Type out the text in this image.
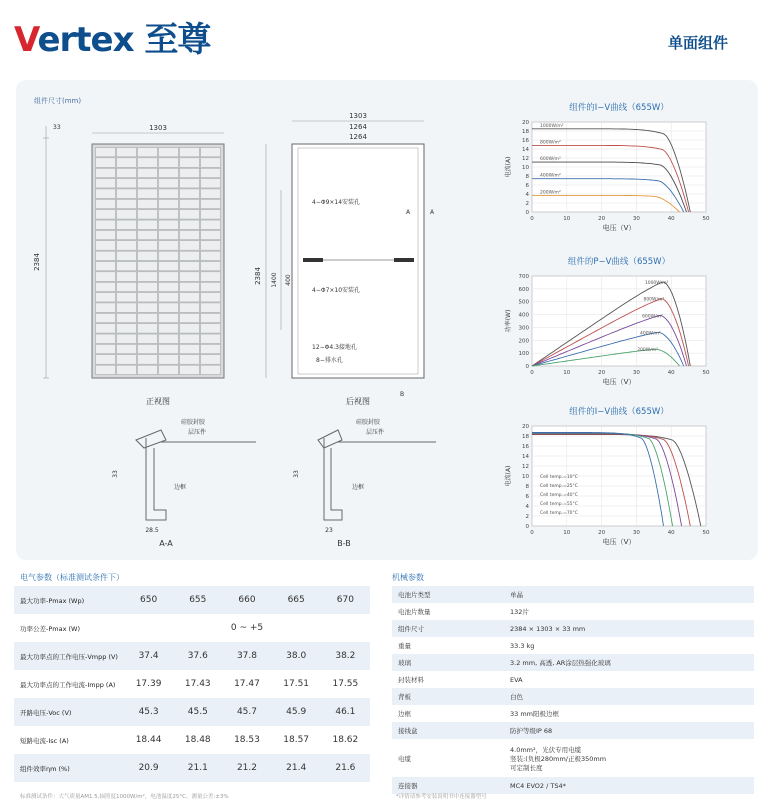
Vertex 至尊	单面组件
组件尺寸(mm)
2384
33	1303
正视图
1303
1264
1264
2384 1400 400
4−Φ9×14安装孔
4−Φ7×10安装孔
12−Φ4.3接地孔
8−排水孔
A	A
B
后视图
硅胶封胶
层压件
边框
33
28.5
A-A
硅胶封胶
层压件
边框
33
23
B-B
组件的I−V曲线（655W）
0
2
4
6
8
10
12
14
16
18
20
0	10	20	30	40	50
电压（V）
电流(A)
1000W/m²
800W/m²
600W/m²
400W/m²
200W/m²
组件的P−V曲线（655W）
0
100
200
300
400
500
600
700
0	10	20	30	40	50
电压（V）
功率(W)
1000W/m²
800W/m²
600W/m²
400W/m²
200W/m²
组件的I−V曲线（655W）
0
2
4
6
8
10
12
14
16
18
20
0	10	20	30	40	50
电压（V）
电流(A)	Cell temp.=10°C
Cell temp.=25°C
Cell temp.=40°C
Cell temp.=55°C
Cell temp.=70°C
电气参数（标准测试条件下）
最大功率-Pmax (Wp)	650	655	660	665	670
功率公差-Pmax (W)	0 ~ +5				
最大功率点的工作电压-Vmpp (V)	37.4	37.6	37.8	38.0	38.2
最大功率点的工作电流-Impp (A)	17.39	17.43	17.47	17.51	17.55
开路电压-Voc (V)	45.3	45.5	45.7	45.9	46.1
短路电流-Isc (A)	18.44	18.48	18.53	18.57	18.62
组件效率ηm (%)	20.9	21.1	21.2	21.4	21.6
标准测试条件：大气质量AM1.5,辐照度1000W/m²，电池温度25°C，测量公差:±3%
机械参数
电池片类型	单晶
电池片数量	132片
组件尺寸	2384 × 1303 × 33 mm
重量	33.3 kg
玻璃	3.2 mm, 高透, AR涂层热强化玻璃
封装材料	EVA
背板	白色
边框	33 mm阳极边框
接线盒	防护等级IP 68
电缆	4.0mm²，光伏专用电缆
竖装:(负极280mm/正极350mm
可定制长度

连接器	MC4 EVO2 / TS4*
*详情请参考安装说明书中连接器型号
